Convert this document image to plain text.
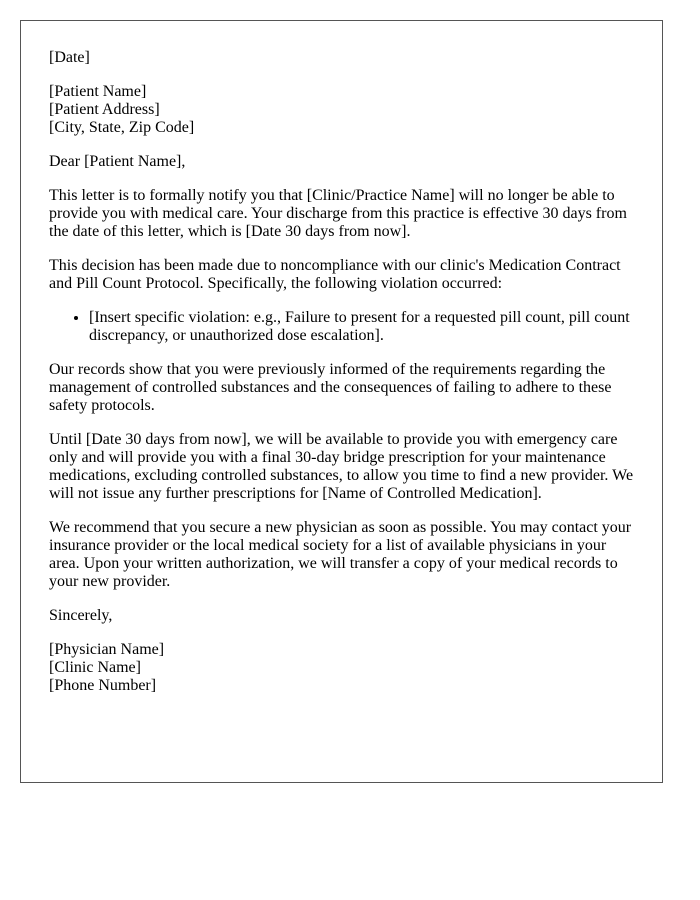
[Date]

[Patient Name]
[Patient Address]
[City, State, Zip Code]

Dear [Patient Name],

This letter is to formally notify you that [Clinic/Practice Name] will no longer be able to provide you with medical care. Your discharge from this practice is effective 30 days from the date of this letter, which is [Date 30 days from now].

This decision has been made due to noncompliance with our clinic's Medication Contract and Pill Count Protocol. Specifically, the following violation occurred:

• [Insert specific violation: e.g., Failure to present for a requested pill count, pill count discrepancy, or unauthorized dose escalation].

Our records show that you were previously informed of the requirements regarding the management of controlled substances and the consequences of failing to adhere to these safety protocols.

Until [Date 30 days from now], we will be available to provide you with emergency care only and will provide you with a final 30-day bridge prescription for your maintenance medications, excluding controlled substances, to allow you time to find a new provider. We will not issue any further prescriptions for [Name of Controlled Medication].

We recommend that you secure a new physician as soon as possible. You may contact your insurance provider or the local medical society for a list of available physicians in your area. Upon your written authorization, we will transfer a copy of your medical records to your new provider.

Sincerely,

[Physician Name]
[Clinic Name]
[Phone Number]
